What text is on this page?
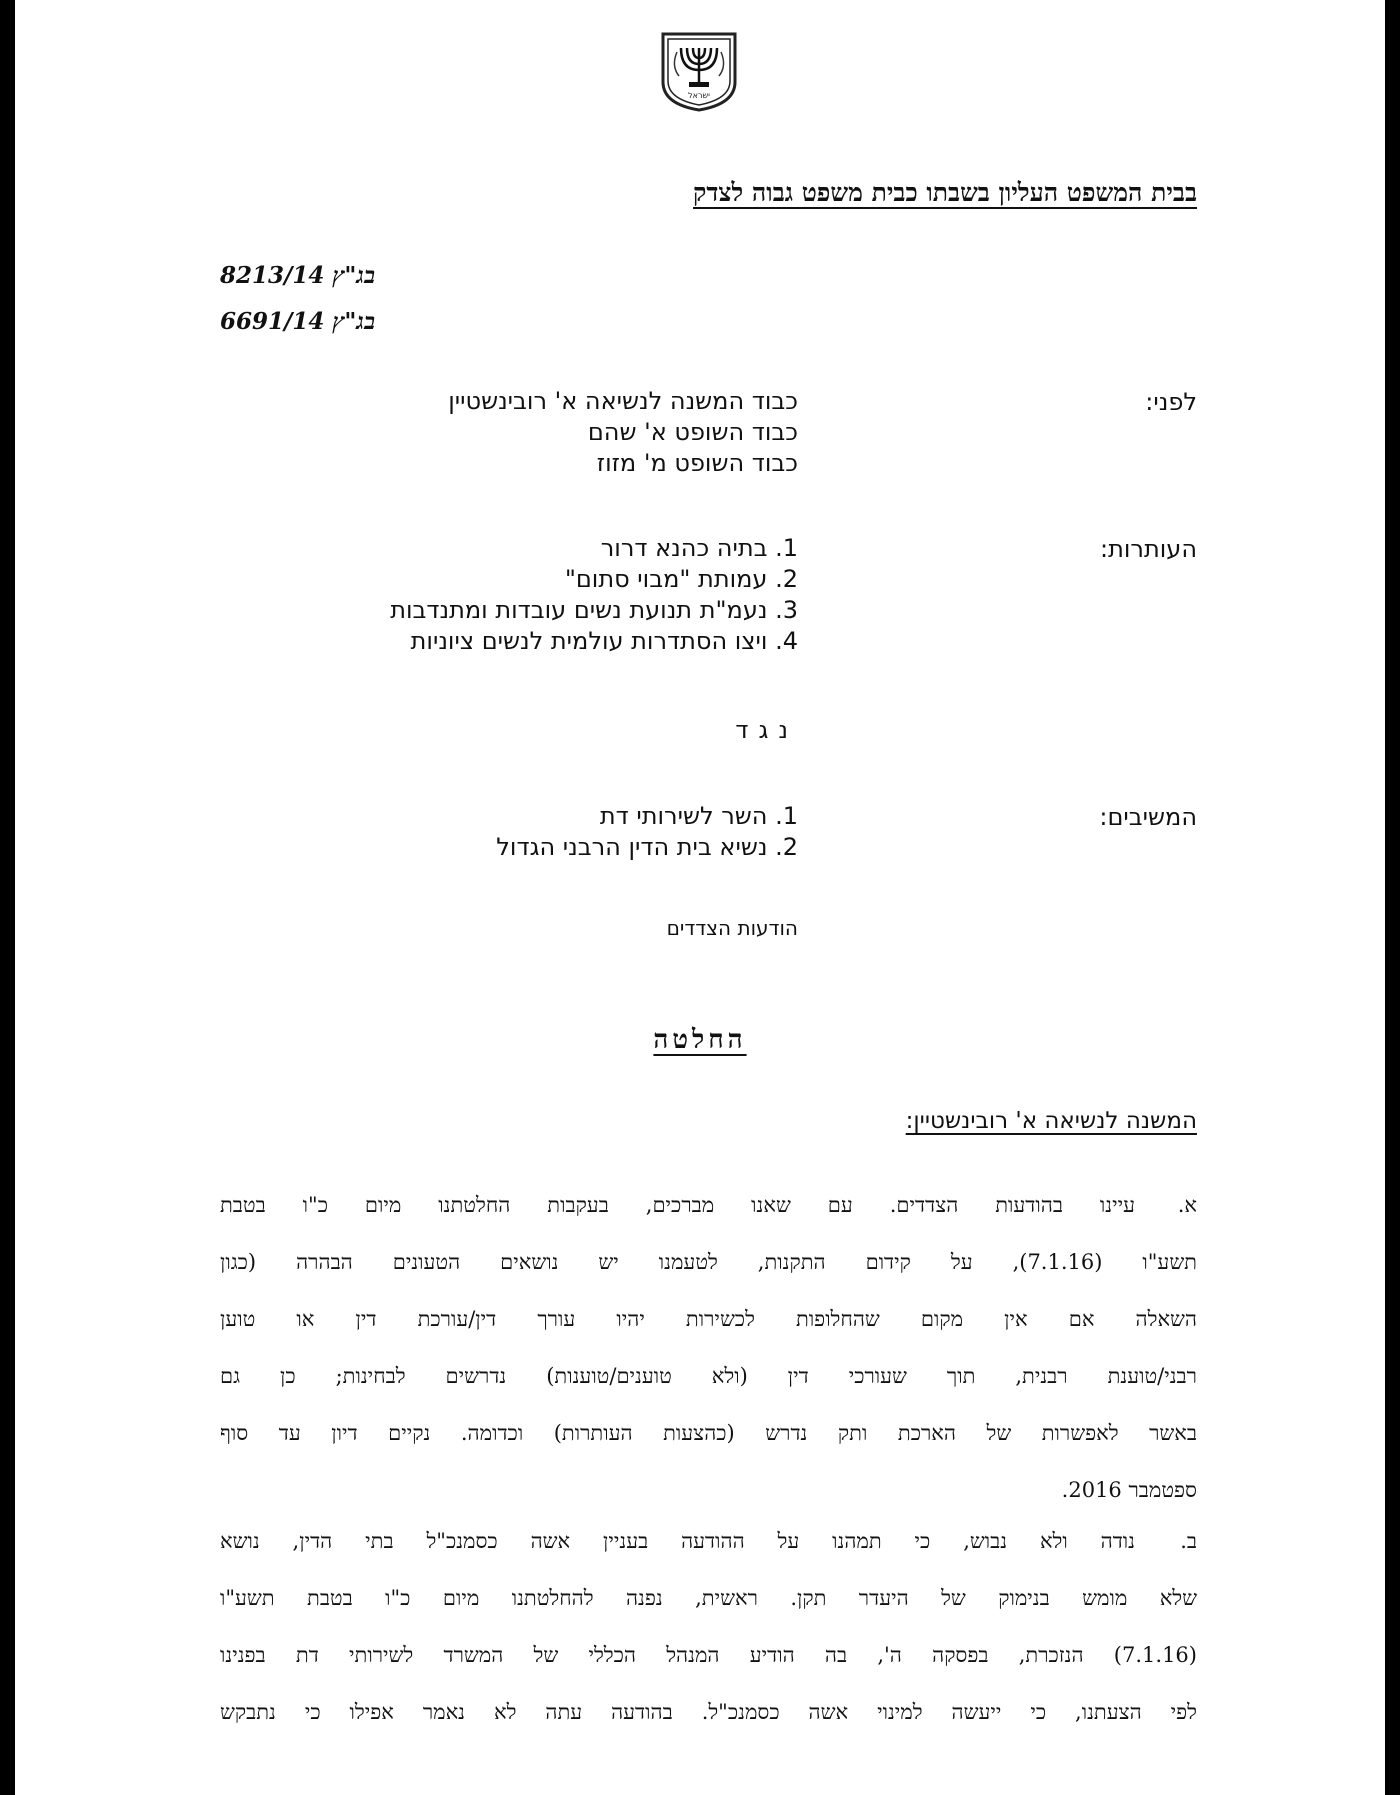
ישראל
בבית המשפט העליון בשבתו כבית משפט גבוה לצדק
בג"ץ 8213/14
בג"ץ 6691/14
לפני:
כבוד המשנה לנשיאה א' רובינשטיין
כבוד השופט א' שהם
כבוד השופט מ' מזוז
העותרות:
1. בתיה כהנא דרור
2. עמותת "מבוי סתום"
3. נעמ"ת תנועת נשים עובדות ומתנדבות
4. ויצו הסתדרות עולמית לנשים ציוניות
נגד
המשיבים:
1. השר לשירותי דת
2. נשיא בית הדין הרבני הגדול
הודעות הצדדים
החלטה
המשנה לנשיאה א' רובינשטיין:
א.עיינו בהודעות הצדדים. עם שאנו מברכים, בעקבות החלטתנו מיום כ"ו בטבת
תשע"ו (7.1.16), על קידום התקנות, לטעמנו יש נושאים הטעונים הבהרה (כגון
השאלה אם אין מקום שהחלופות לכשירות יהיו עורך דין/עורכת דין או טוען
רבני/טוענת רבנית, תוך שעורכי דין (ולא טוענים/טוענות) נדרשים לבחינות; כן גם
באשר לאפשרות של הארכת ותק נדרש (כהצעות העותרות) וכדומה. נקיים דיון עד סוף
ספטמבר 2016.
ב.נודה ולא נבוש, כי תמהנו על ההודעה בעניין אשה כסמנכ"ל בתי הדין, נושא
שלא מומש בנימוק של היעדר תקן. ראשית, נפנה להחלטתנו מיום כ"ו בטבת תשע"ו
(7.1.16) הנזכרת, בפסקה ה', בה הודיע המנהל הכללי של המשרד לשירותי דת בפנינו
לפי הצעתנו, כי ייעשה למינוי אשה כסמנכ"ל. בהודעה עתה לא נאמר אפילו כי נתבקש
